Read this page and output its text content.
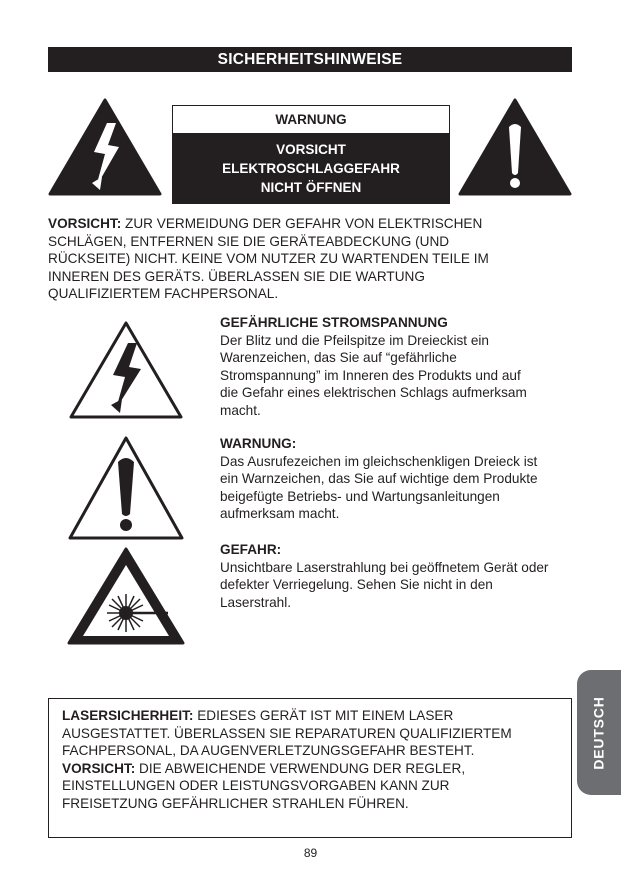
SICHERHEITSHINWEISE
WARNUNG
VORSICHT
ELEKTROSCHLAGGEFAHR
NICHT ÖFFNEN
VORSICHT: ZUR VERMEIDUNG DER GEFAHR VON ELEKTRISCHEN
SCHLÄGEN, ENTFERNEN SIE DIE GERÄTEABDECKUNG (UND
RÜCKSEITE) NICHT. KEINE VOM NUTZER ZU WARTENDEN TEILE IM
INNEREN DES GERÄTS. ÜBERLASSEN SIE DIE WARTUNG
QUALIFIZIERTEM FACHPERSONAL.
GEFÄHRLICHE STROMSPANNUNG
Der Blitz und die Pfeilspitze im Dreieckist ein
Warenzeichen, das Sie auf “gefährliche
Stromspannung” im Inneren des Produkts und auf
die Gefahr eines elektrischen Schlags aufmerksam
macht.
WARNUNG:
Das Ausrufezeichen im gleichschenkligen Dreieck ist
ein Warnzeichen, das Sie auf wichtige dem Produkte
beigefügte Betriebs- und Wartungsanleitungen
aufmerksam macht.
GEFAHR:
Unsichtbare Laserstrahlung bei geöffnetem Gerät oder
defekter Verriegelung. Sehen Sie nicht in den
Laserstrahl.
LASERSICHERHEIT: EDIESES GERÄT IST MIT EINEM LASER
AUSGESTATTET. ÜBERLASSEN SIE REPARATUREN QUALIFIZIERTEM
FACHPERSONAL, DA AUGENVERLETZUNGSGEFAHR BESTEHT.
VORSICHT: DIE ABWEICHENDE VERWENDUNG DER REGLER,
EINSTELLUNGEN ODER LEISTUNGSVORGABEN KANN ZUR
FREISETZUNG GEFÄHRLICHER STRAHLEN FÜHREN.
DEUTSCH
89
